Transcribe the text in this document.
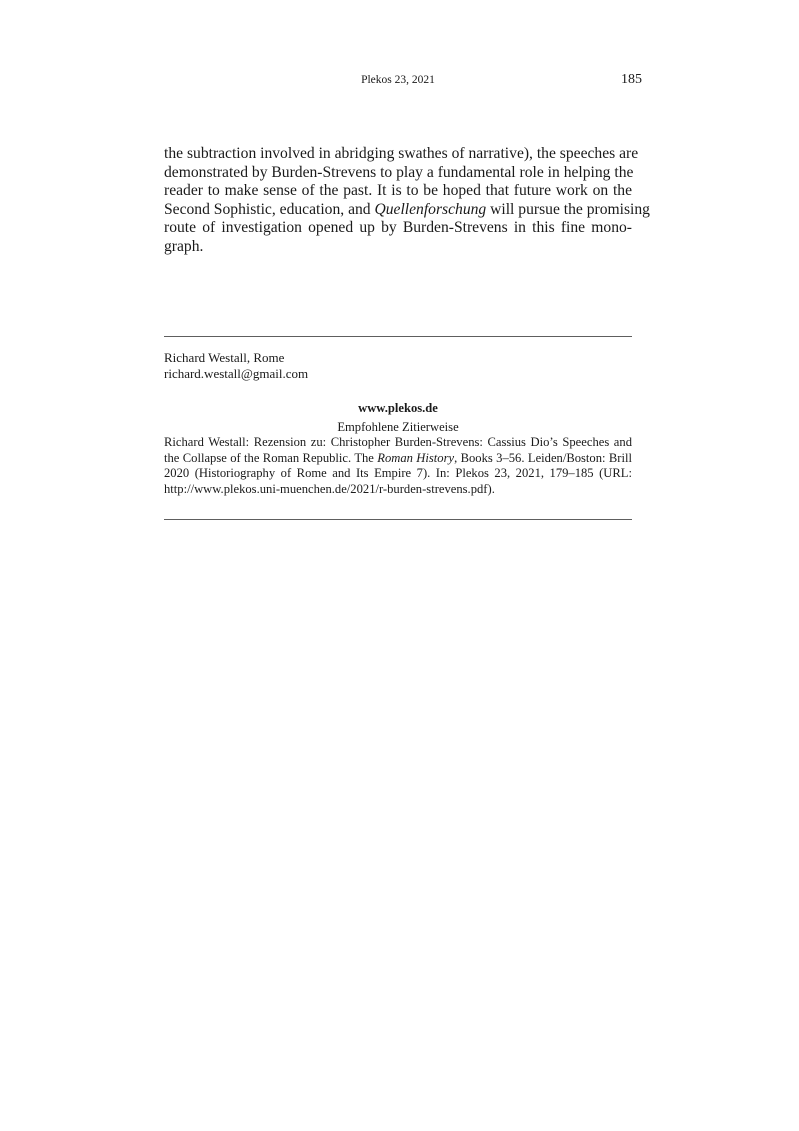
Plekos 23, 2021	185
the subtraction involved in abridging swathes of narrative), the speeches are
demonstrated by Burden-Strevens to play a fundamental role in helping the
reader to make sense of the past. It is to be hoped that future work on the
Second Sophistic, education, and Quellenforschung will pursue the promising
route of investigation opened up by Burden-Strevens in this fine mono-
graph.
Richard Westall, Rome
richard.westall@gmail.com
www.plekos.de
Empfohlene Zitierweise
Richard Westall: Rezension zu: Christopher Burden-Strevens: Cassius Dio’s Speeches and
the Collapse of the Roman Republic. The Roman History, Books 3–56. Leiden/Boston: Brill
2020 (Historiography of Rome and Its Empire 7). In: Plekos 23, 2021, 179–185 (URL:
http://www.plekos.uni-muenchen.de/2021/r-burden-strevens.pdf).
